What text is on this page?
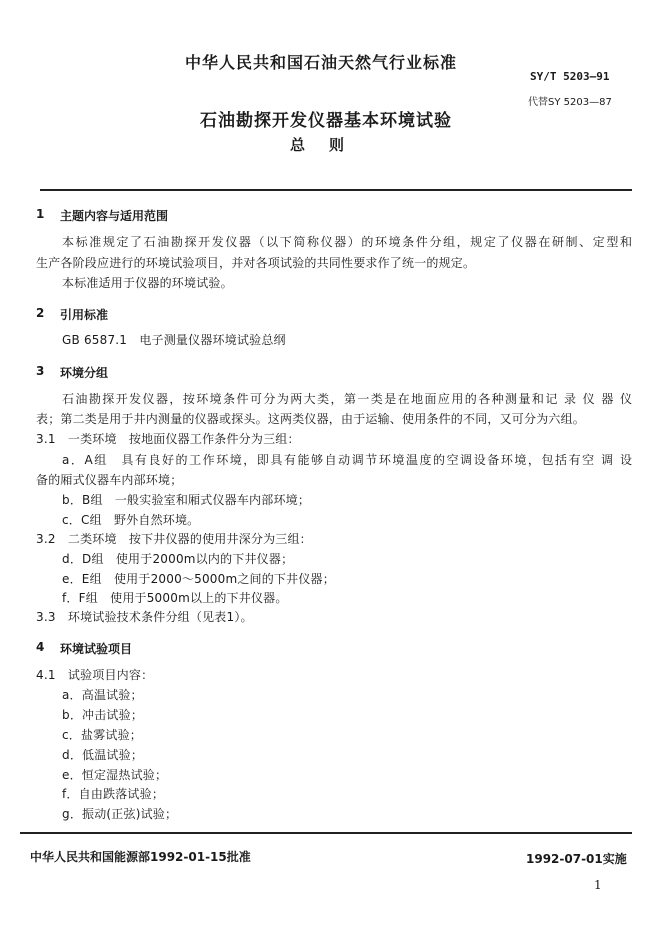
中华人民共和国石油天然气行业标准
SY/T 5203—91
代替SY 5203—87
石油勘探开发仪器基本环境试验
总则
1 主题内容与适用范围
本标准规定了石油勘探开发仪器（以下简称仪器）的环境条件分组，规定了仪器在研制、定型和
生产各阶段应进行的环境试验项目，并对各项试验的共同性要求作了统一的规定。
本标准适用于仪器的环境试验。
2 引用标准
GB 6587.1　电子测量仪器环境试验总纲
3 环境分组
石油勘探开发仪器，按环境条件可分为两大类，第一类是在地面应用的各种测量和记 录 仪 器 仪
表；第二类是用于井内测量的仪器或探头。这两类仪器，由于运输、使用条件的不同，又可分为六组。
3.1　一类环境　按地面仪器工作条件分为三组：
a．A组　具有良好的工作环境，即具有能够自动调节环境温度的空调设备环境，包括有空 调 设
备的厢式仪器车内部环境；
b．B组　一般实验室和厢式仪器车内部环境；
c．C组　野外自然环境。
3.2　二类环境　按下井仪器的使用井深分为三组：
d．D组　使用于2000m以内的下井仪器；
e．E组　使用于2000～5000m之间的下井仪器；
f．F组　使用于5000m以上的下井仪器。
3.3　环境试验技术条件分组（见表1）。
4 环境试验项目
4.1　试验项目内容：
a．高温试验；
b．冲击试验；
c．盐雾试验；
d．低温试验；
e．恒定湿热试验；
f．自由跌落试验；
g．振动(正弦)试验；
中华人民共和国能源部1992-01-15批准	1992-07-01实施
1
